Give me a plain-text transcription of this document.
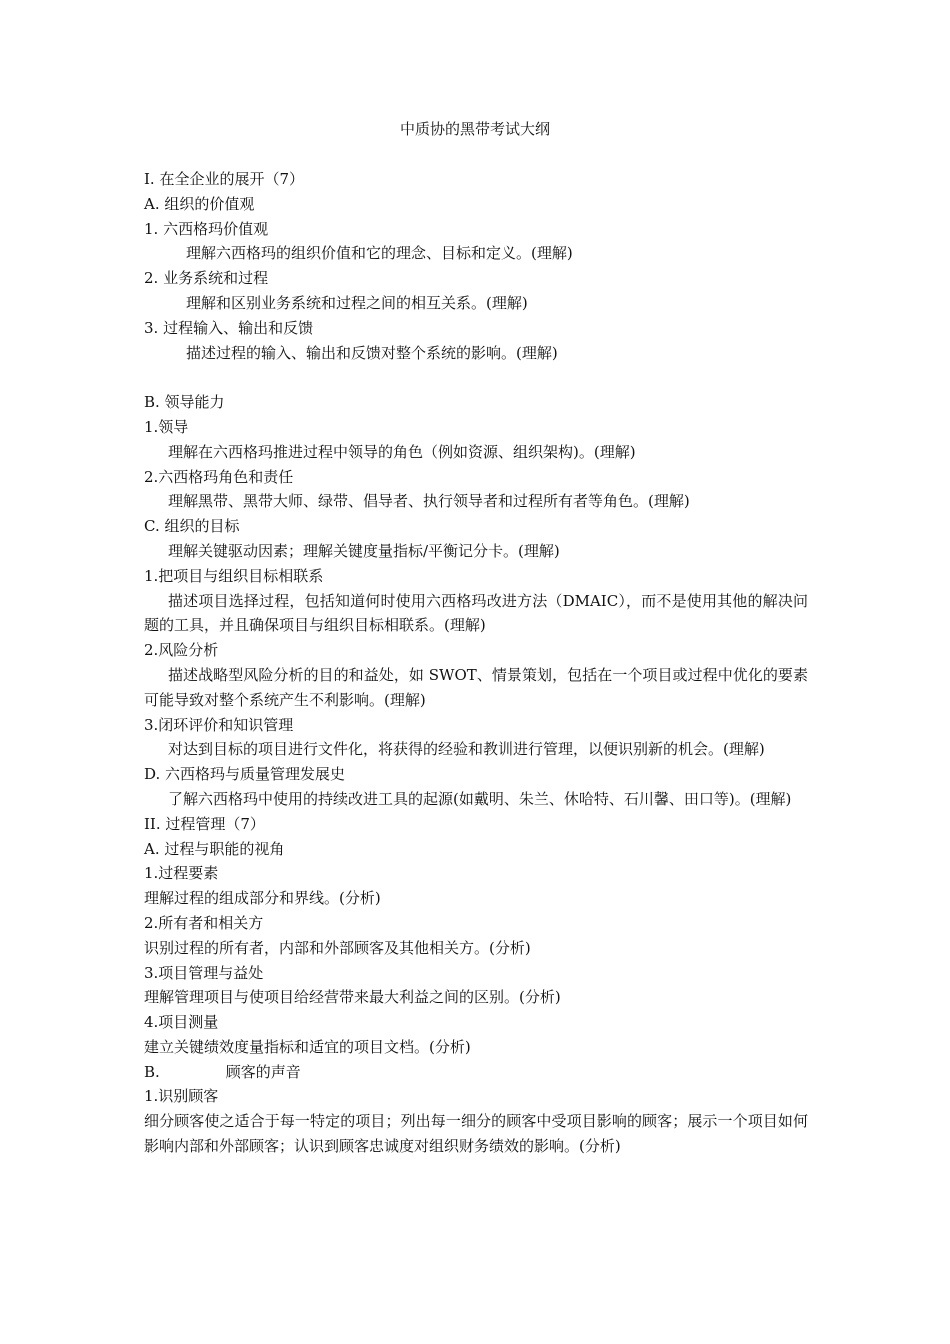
中质协的黑带考试大纲
I. 在全企业的展开（7）
A. 组织的价值观
1. 六西格玛价值观
理解六西格玛的组织价值和它的理念、目标和定义。(理解)
2. 业务系统和过程
理解和区别业务系统和过程之间的相互关系。(理解)
3. 过程输入、输出和反馈
描述过程的输入、输出和反馈对整个系统的影响。(理解)
B. 领导能力
1.领导
理解在六西格玛推进过程中领导的角色（例如资源、组织架构)。(理解)
2.六西格玛角色和责任
理解黑带、黑带大师、绿带、倡导者、执行领导者和过程所有者等角色。(理解)
C. 组织的目标
理解关键驱动因素；理解关键度量指标/平衡记分卡。(理解)
1.把项目与组织目标相联系
描述项目选择过程，包括知道何时使用六西格玛改进方法（DMAIC），而不是使用其他的解决问题的工具，并且确保项目与组织目标相联系。(理解)
2.风险分析
描述战略型风险分析的目的和益处，如 SWOT、情景策划，包括在一个项目或过程中优化的要素可能导致对整个系统产生不利影响。(理解)
3.闭环评价和知识管理
对达到目标的项目进行文件化，将获得的经验和教训进行管理，以便识别新的机会。(理解)
D. 六西格玛与质量管理发展史
了解六西格玛中使用的持续改进工具的起源(如戴明、朱兰、休哈特、石川馨、田口等)。(理解)
II. 过程管理（7）
A. 过程与职能的视角
1.过程要素
理解过程的组成部分和界线。(分析)
2.所有者和相关方
识别过程的所有者，内部和外部顾客及其他相关方。(分析)
3.项目管理与益处
理解管理项目与使项目给经营带来最大利益之间的区别。(分析)
4.项目测量
建立关键绩效度量指标和适宜的项目文档。(分析)
B.	顾客的声音
1.识别顾客
细分顾客使之适合于每一特定的项目；列出每一细分的顾客中受项目影响的顾客；展示一个项目如何影响内部和外部顾客；认识到顾客忠诚度对组织财务绩效的影响。(分析)
